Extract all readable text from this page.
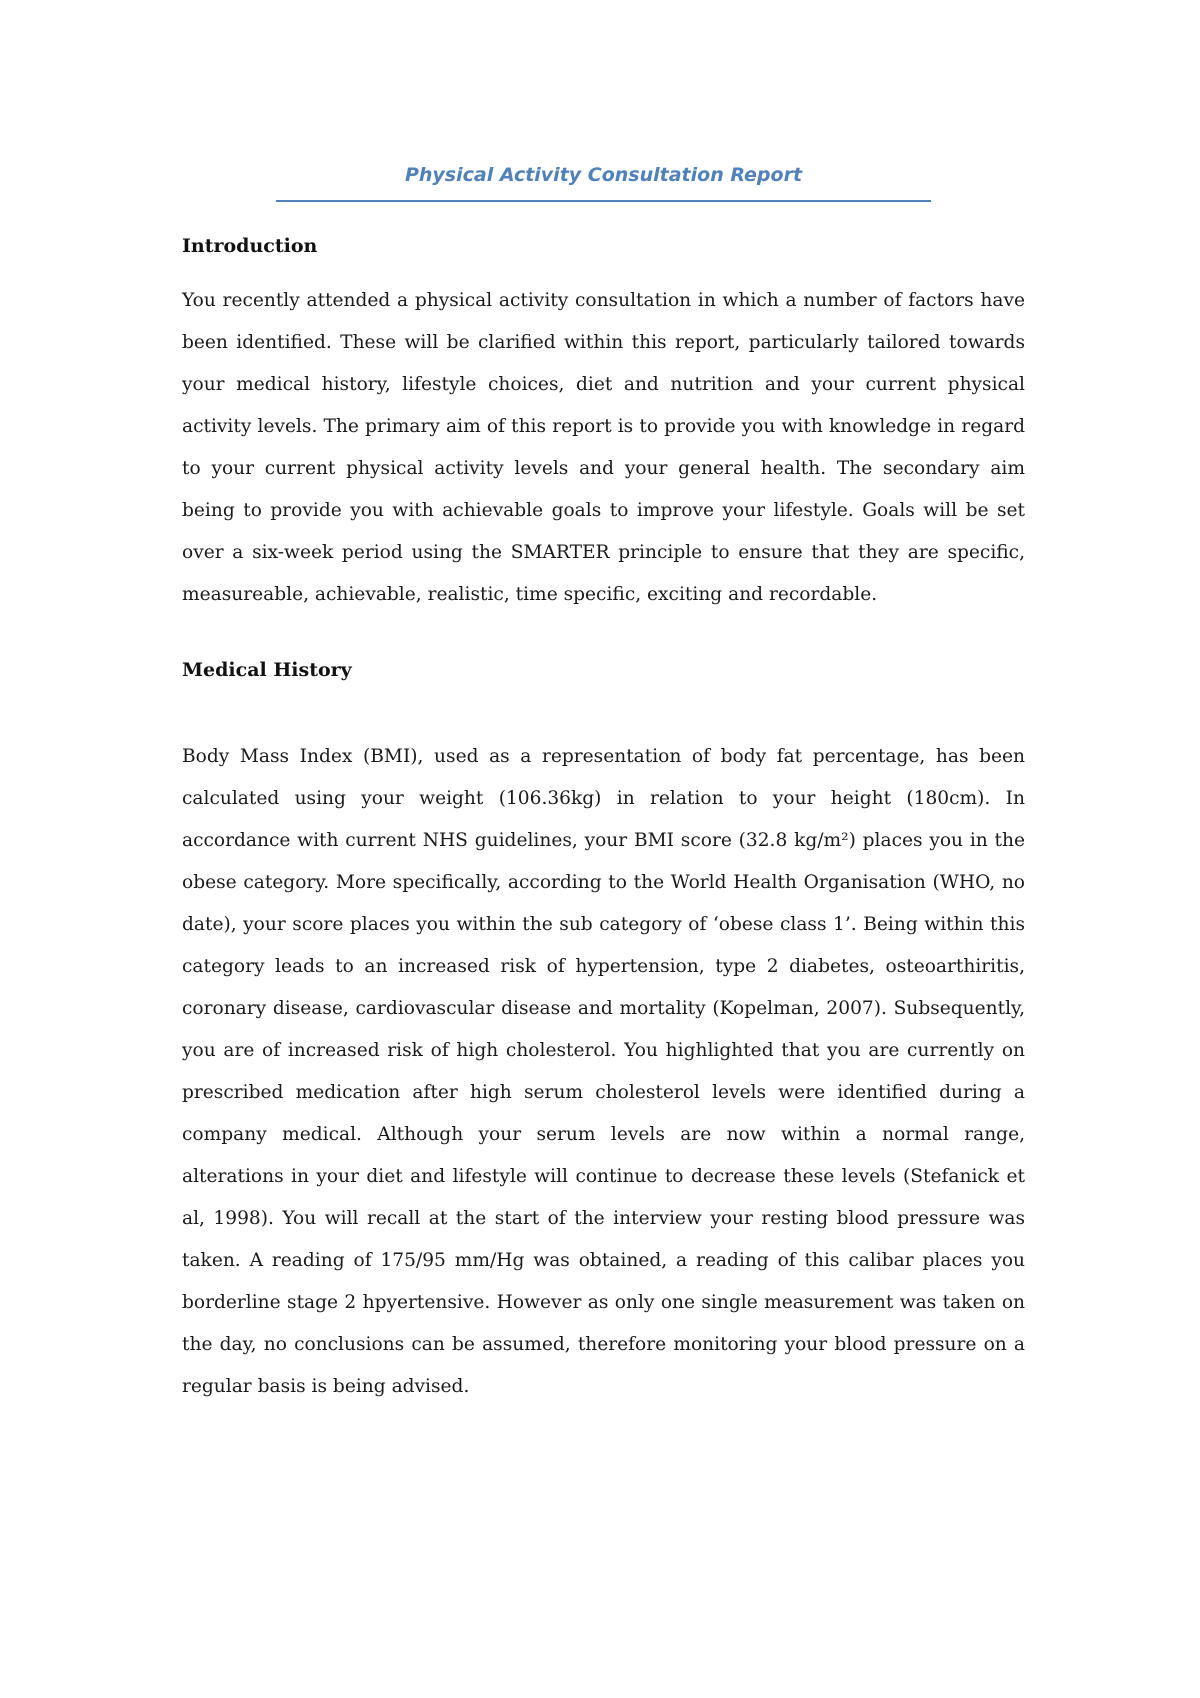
Physical Activity Consultation Report

Introduction

You recently attended a physical activity consultation in which a number of factors have been identified. These will be clarified within this report, particularly tailored towards your medical history, lifestyle choices, diet and nutrition and your current physical activity levels. The primary aim of this report is to provide you with knowledge in regard to your current physical activity levels and your general health. The secondary aim being to provide you with achievable goals to improve your lifestyle. Goals will be set over a six-week period using the SMARTER principle to ensure that they are specific, measureable, achievable, realistic, time specific, exciting and recordable.

Medical History

Body Mass Index (BMI), used as a representation of body fat percentage, has been calculated using your weight (106.36kg) in relation to your height (180cm). In accordance with current NHS guidelines, your BMI score (32.8 kg/m²) places you in the obese category. More specifically, according to the World Health Organisation (WHO, no date), your score places you within the sub category of ‘obese class 1’. Being within this category leads to an increased risk of hypertension, type 2 diabetes, osteoarthiritis, coronary disease, cardiovascular disease and mortality (Kopelman, 2007). Subsequently, you are of increased risk of high cholesterol. You highlighted that you are currently on prescribed medication after high serum cholesterol levels were identified during a company medical. Although your serum levels are now within a normal range, alterations in your diet and lifestyle will continue to decrease these levels (Stefanick et al, 1998). You will recall at the start of the interview your resting blood pressure was taken. A reading of 175/95 mm/Hg was obtained, a reading of this calibar places you borderline stage 2 hpyertensive. However as only one single measurement was taken on the day, no conclusions can be assumed, therefore monitoring your blood pressure on a regular basis is being advised.
